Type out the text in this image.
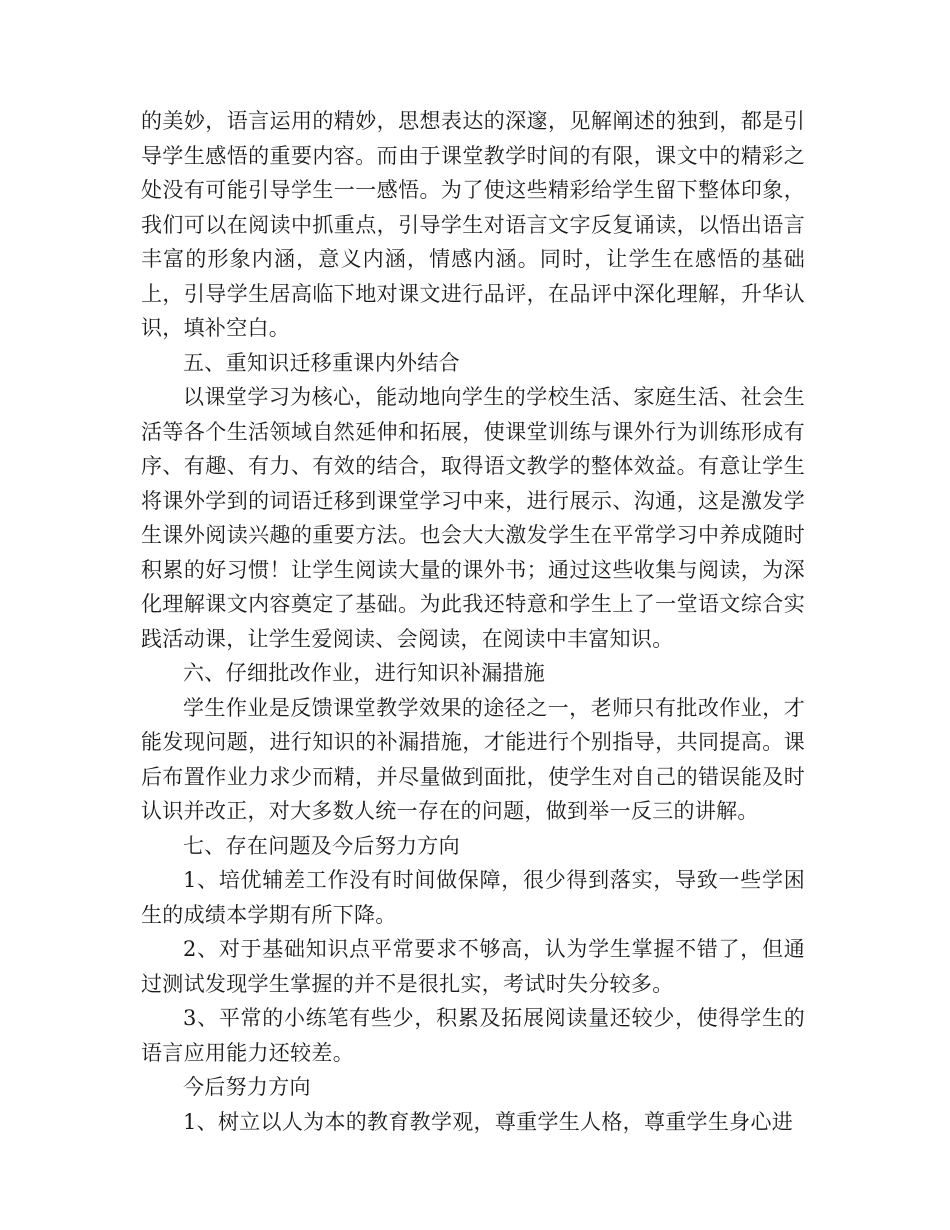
的美妙，语言运用的精妙，思想表达的深邃，见解阐述的独到，都是引导学生感悟的重要内容。而由于课堂教学时间的有限，课文中的精彩之处没有可能引导学生一一感悟。为了使这些精彩给学生留下整体印象，我们可以在阅读中抓重点，引导学生对语言文字反复诵读，以悟出语言丰富的形象内涵，意义内涵，情感内涵。同时，让学生在感悟的基础上，引导学生居高临下地对课文进行品评，在品评中深化理解，升华认识，填补空白。

五、重知识迁移重课内外结合

以课堂学习为核心，能动地向学生的学校生活、家庭生活、社会生活等各个生活领域自然延伸和拓展，使课堂训练与课外行为训练形成有序、有趣、有力、有效的结合，取得语文教学的整体效益。有意让学生将课外学到的词语迁移到课堂学习中来，进行展示、沟通，这是激发学生课外阅读兴趣的重要方法。也会大大激发学生在平常学习中养成随时积累的好习惯！让学生阅读大量的课外书；通过这些收集与阅读，为深化理解课文内容奠定了基础。为此我还特意和学生上了一堂语文综合实践活动课，让学生爱阅读、会阅读，在阅读中丰富知识。

六、仔细批改作业，进行知识补漏措施

学生作业是反馈课堂教学效果的途径之一，老师只有批改作业，才能发现问题，进行知识的补漏措施，才能进行个别指导，共同提高。课后布置作业力求少而精，并尽量做到面批，使学生对自己的错误能及时认识并改正，对大多数人统一存在的问题，做到举一反三的讲解。

七、存在问题及今后努力方向

1、培优辅差工作没有时间做保障，很少得到落实，导致一些学困生的成绩本学期有所下降。

2、对于基础知识点平常要求不够高，认为学生掌握不错了，但通过测试发现学生掌握的并不是很扎实，考试时失分较多。

3、平常的小练笔有些少，积累及拓展阅读量还较少，使得学生的语言应用能力还较差。

今后努力方向

1、树立以人为本的教育教学观，尊重学生人格，尊重学生身心进
